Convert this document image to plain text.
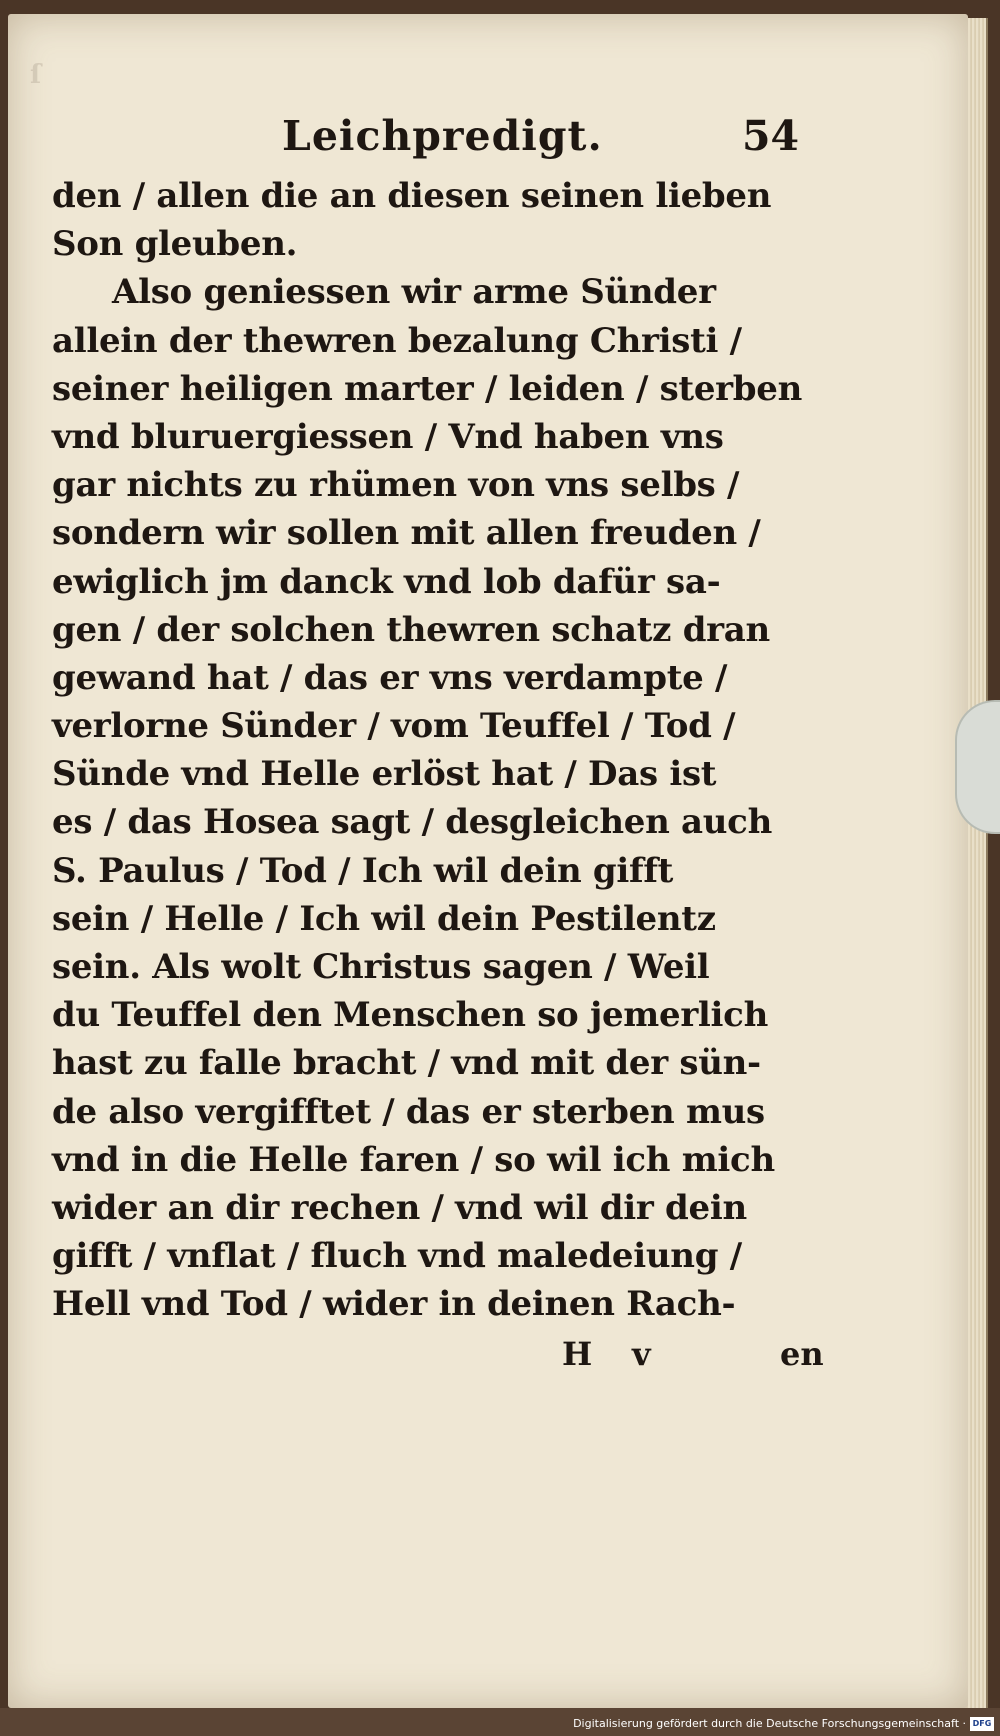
ſ
Leichpredigt.	54
den / allen die an diesen seinen lieben
Son gleuben.
Also geniessen wir arme Sünder
allein der thewren bezalung Christi /
seiner heiligen marter / leiden / sterben
vnd bluruergiessen / Vnd haben vns
gar nichts zu rhümen von vns selbs /
sondern wir sollen mit allen freuden /
ewiglich jm danck vnd lob dafür sa-
gen / der solchen thewren schatz dran
gewand hat / das er vns verdampte /
verlorne Sünder / vom Teuffel / Tod /
Sünde vnd Helle erlöst hat / Das ist
es / das Hosea sagt / desgleichen auch
S. Paulus / Tod / Ich wil dein gifft
sein / Helle / Ich wil dein Pestilentz
sein. Als wolt Christus sagen / Weil
du Teuffel den Menschen so jemerlich
hast zu falle bracht / vnd mit der sün-
de also vergifftet / das er sterben mus
vnd in die Helle faren / so wil ich mich
wider an dir rechen / vnd wil dir dein
gifft / vnflat / fluch vnd maledeiung /
Hell vnd Tod / wider in deinen Rach-
H v	en
Digitalisierung gefördert durch die Deutsche Forschungsgemeinschaft · DFG
